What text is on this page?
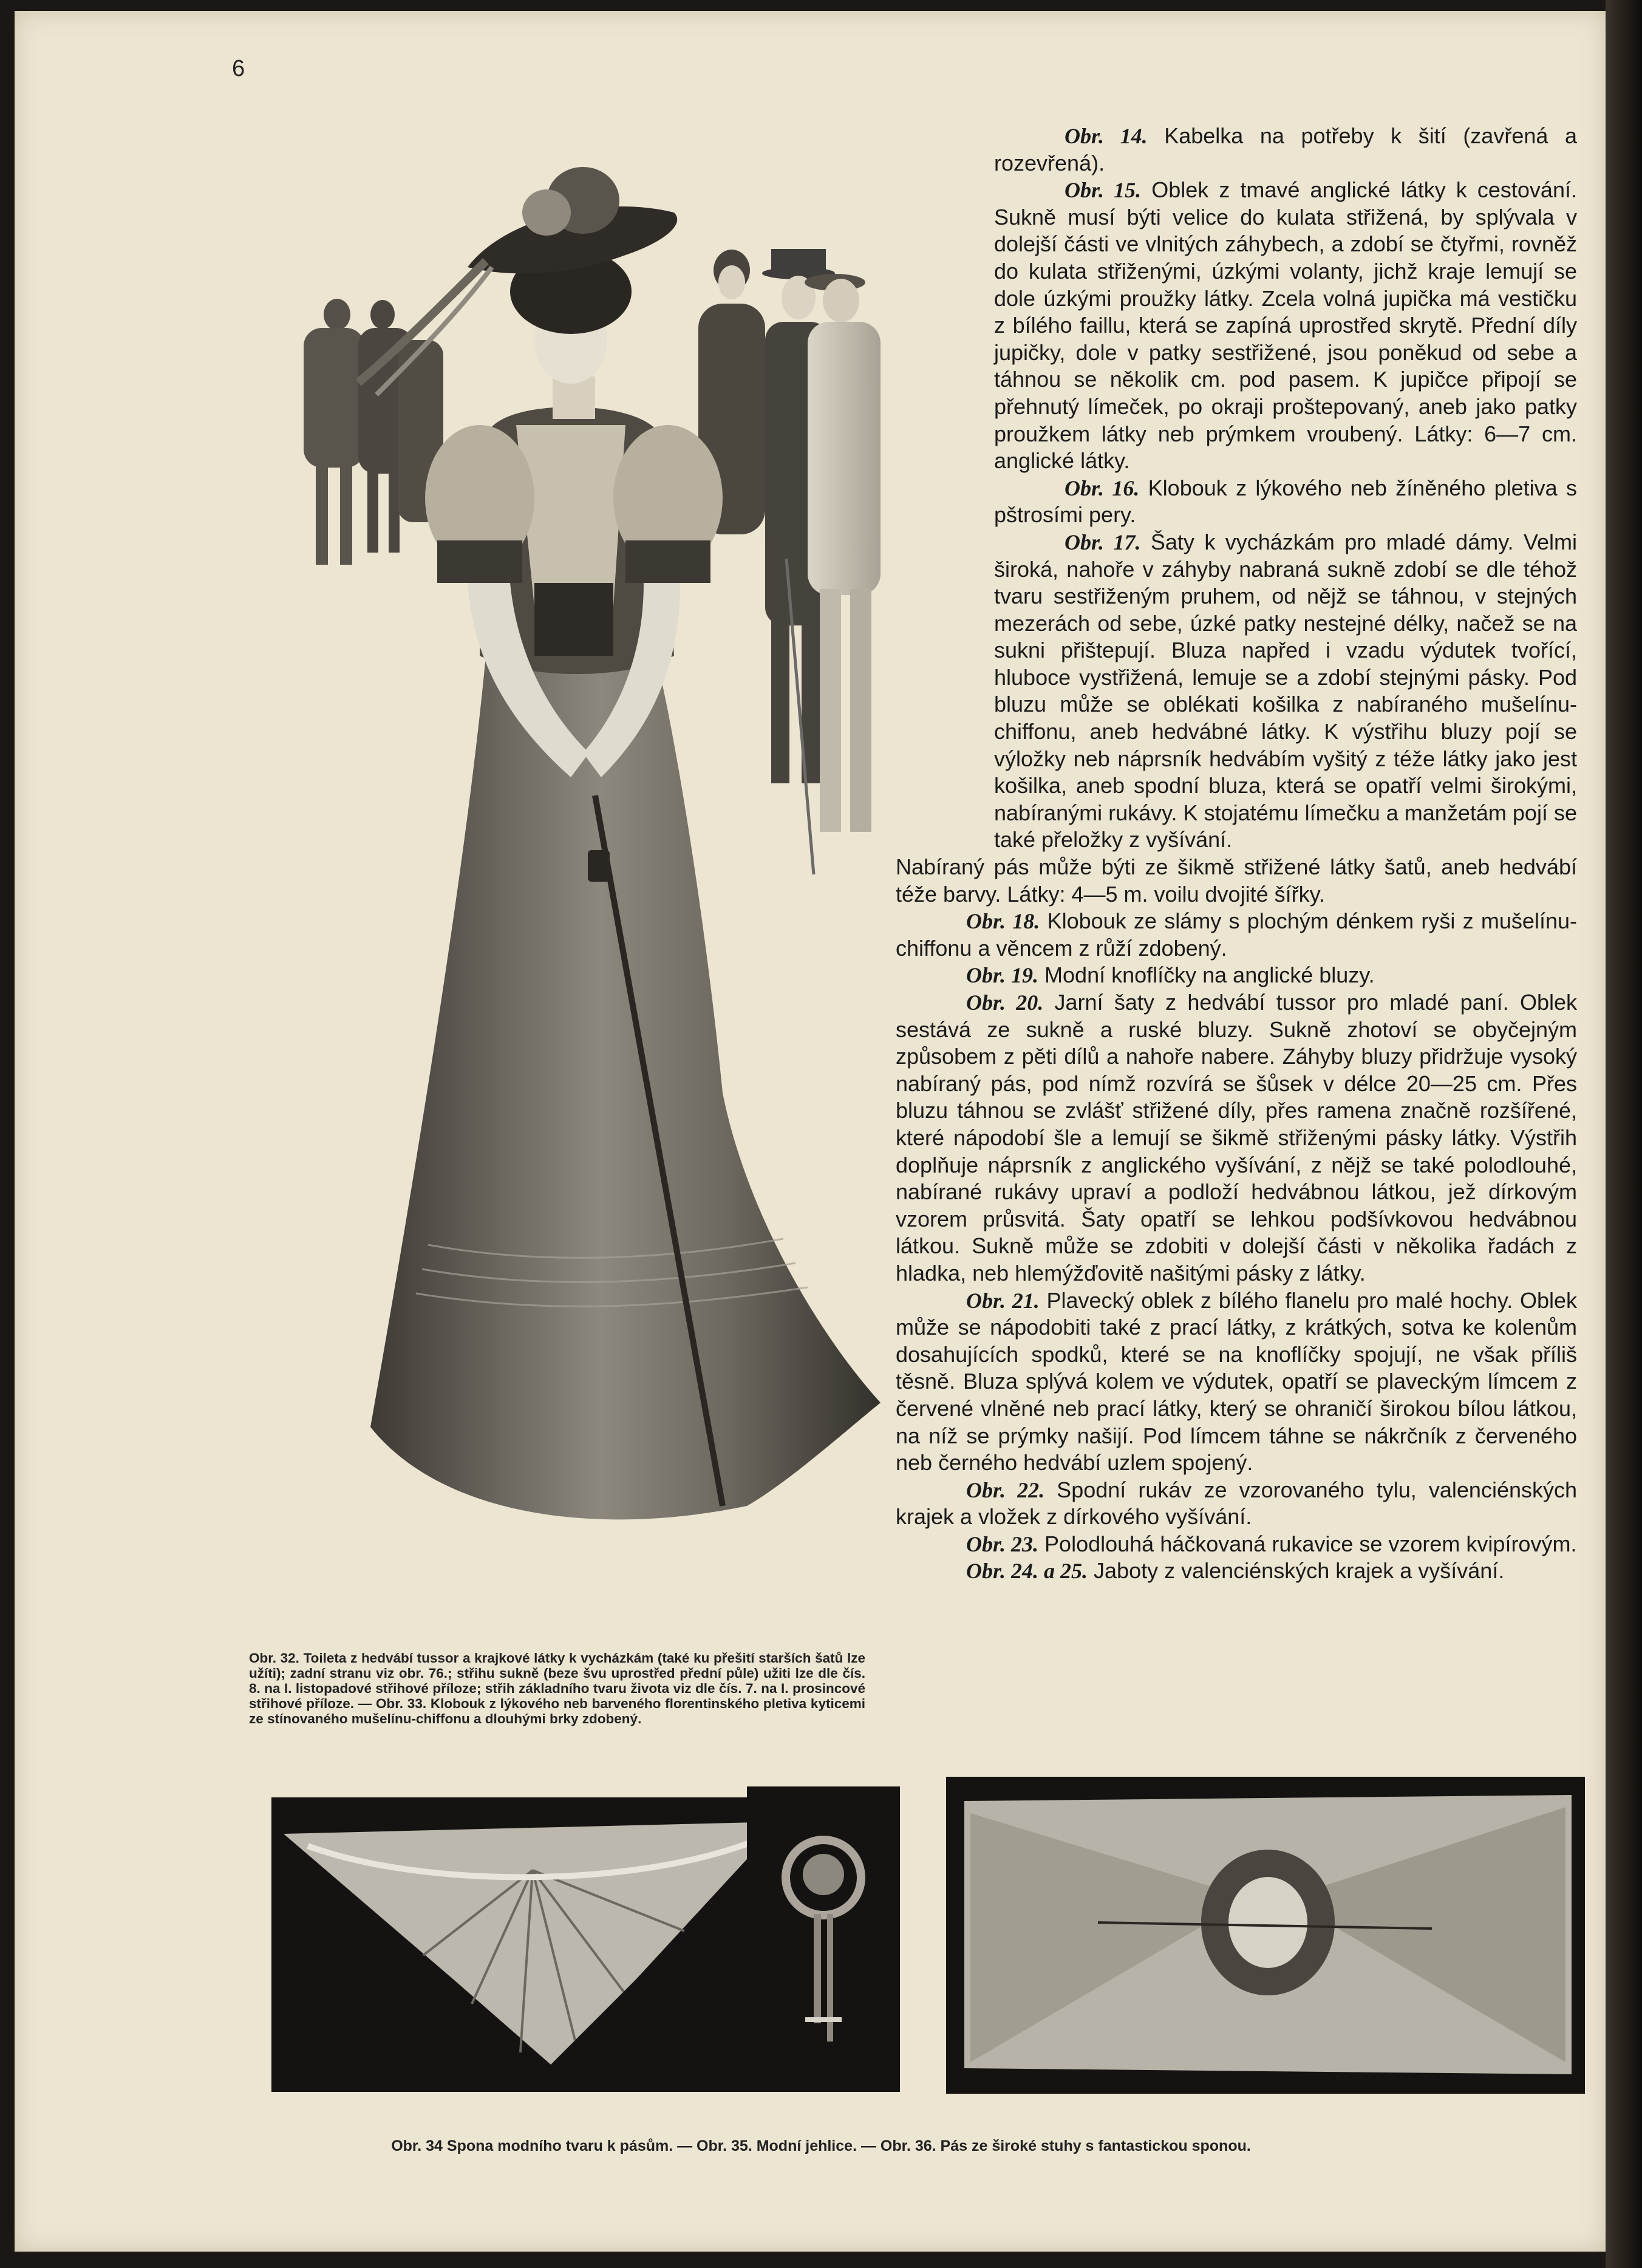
6
Obr. 32. Toileta z hedvábí tussor a krajkové látky k vycházkám (také ku přešití starších šatů lze užíti); zadní stranu viz obr. 76.; střihu sukně (beze švu uprostřed přední půle) užiti lze dle čís. 8. na I. listopadové střihové příloze; střih základního tvaru života viz dle čís. 7. na I. prosincové střihové příloze. — Obr. 33. Klobouk z lýkového neb barveného florentinského pletiva kyticemi ze stínovaného mušelínu-chiffonu a dlouhými brky zdobený.

Obr. 14. Kabelka na potřeby k šití (zavřená a rozevřená).

Obr. 15. Oblek z tmavé anglické látky k cestování. Sukně musí býti velice do kulata střižená, by splývala v dolejší části ve vlnitých záhybech, a zdobí se čtyřmi, rovněž do kulata střiženými, úzkými volanty, jichž kraje lemují se dole úzkými proužky látky. Zcela volná jupička má vestičku z bílého faillu, která se zapíná uprostřed skrytě. Přední díly jupičky, dole v patky sestřižené, jsou poněkud od sebe a táhnou se několik cm. pod pasem. K jupičce připojí se přehnutý límeček, po okraji proštepovaný, aneb jako patky proužkem látky neb prýmkem vroubený. Látky: 6—7 cm. anglické látky.

Obr. 16. Klobouk z lýkového neb žíněného pletiva s pštrosími pery.

Obr. 17. Šaty k vycházkám pro mladé dámy. Velmi široká, nahoře v záhyby nabraná sukně zdobí se dle téhož tvaru sestřiženým pruhem, od nějž se táhnou, v stejných mezerách od sebe, úzké patky nestejné délky, načež se na sukni přištepují. Bluza napřed i vzadu výdutek tvořící, hluboce vystřižená, lemuje se a zdobí stejnými pásky. Pod bluzu může se oblékati košilka z nabíraného mušelínu-chiffonu, aneb hedvábné látky. K výstřihu bluzy pojí se výložky neb náprsník hedvábím vyšitý z téže látky jako jest košilka, aneb spodní bluza, která se opatří velmi širokými, nabíranými rukávy. K stojatému límečku a manžetám pojí se také přeložky z vyšívání.

Nabíraný pás může býti ze šikmě střižené látky šatů, aneb hedvábí téže barvy. Látky: 4—5 m. voilu dvojité šířky.

Obr. 18. Klobouk ze slámy s plochým dénkem ryši z mušelínu-chiffonu a věncem z růží zdobený.

Obr. 19. Modní knoflíčky na anglické bluzy.

Obr. 20. Jarní šaty z hedvábí tussor pro mladé paní. Oblek sestává ze sukně a ruské bluzy. Sukně zhotoví se obyčejným způsobem z pěti dílů a nahoře nabere. Záhyby bluzy přidržuje vysoký nabíraný pás, pod nímž rozvírá se šůsek v délce 20—25 cm. Přes bluzu táhnou se zvlášť střižené díly, přes ramena značně rozšířené, které nápodobí šle a lemují se šikmě střiženými pásky látky. Výstřih doplňuje náprsník z anglického vyšívání, z nějž se také polodlouhé, nabírané rukávy upraví a podloží hedvábnou látkou, jež dírkovým vzorem průsvitá. Šaty opatří se lehkou podšívkovou hedvábnou látkou. Sukně může se zdobiti v dolejší části v několika řadách z hladka, neb hlemýžďovitě našitými pásky z látky.

Obr. 21. Plavecký oblek z bílého flanelu pro malé hochy. Oblek může se nápodobiti také z prací látky, z krátkých, sotva ke kolenům dosahujících spodků, které se na knoflíčky spojují, ne však příliš těsně. Bluza splývá kolem ve výdutek, opatří se plaveckým límcem z červené vlněné neb prací látky, který se ohraničí širokou bílou látkou, na níž se prýmky našijí. Pod límcem táhne se nákrčník z červeného neb černého hedvábí uzlem spojený.

Obr. 22. Spodní rukáv ze vzorovaného tylu, valenciénských krajek a vložek z dírkového vyšívání.

Obr. 23. Polodlouhá háčkovaná rukavice se vzorem kvipírovým.

Obr. 24. a 25. Jaboty z valenciénských krajek a vyšívání.

Obr. 34 Spona modního tvaru k pásům. — Obr. 35. Modní jehlice. — Obr. 36. Pás ze široké stuhy s fantastickou sponou.
